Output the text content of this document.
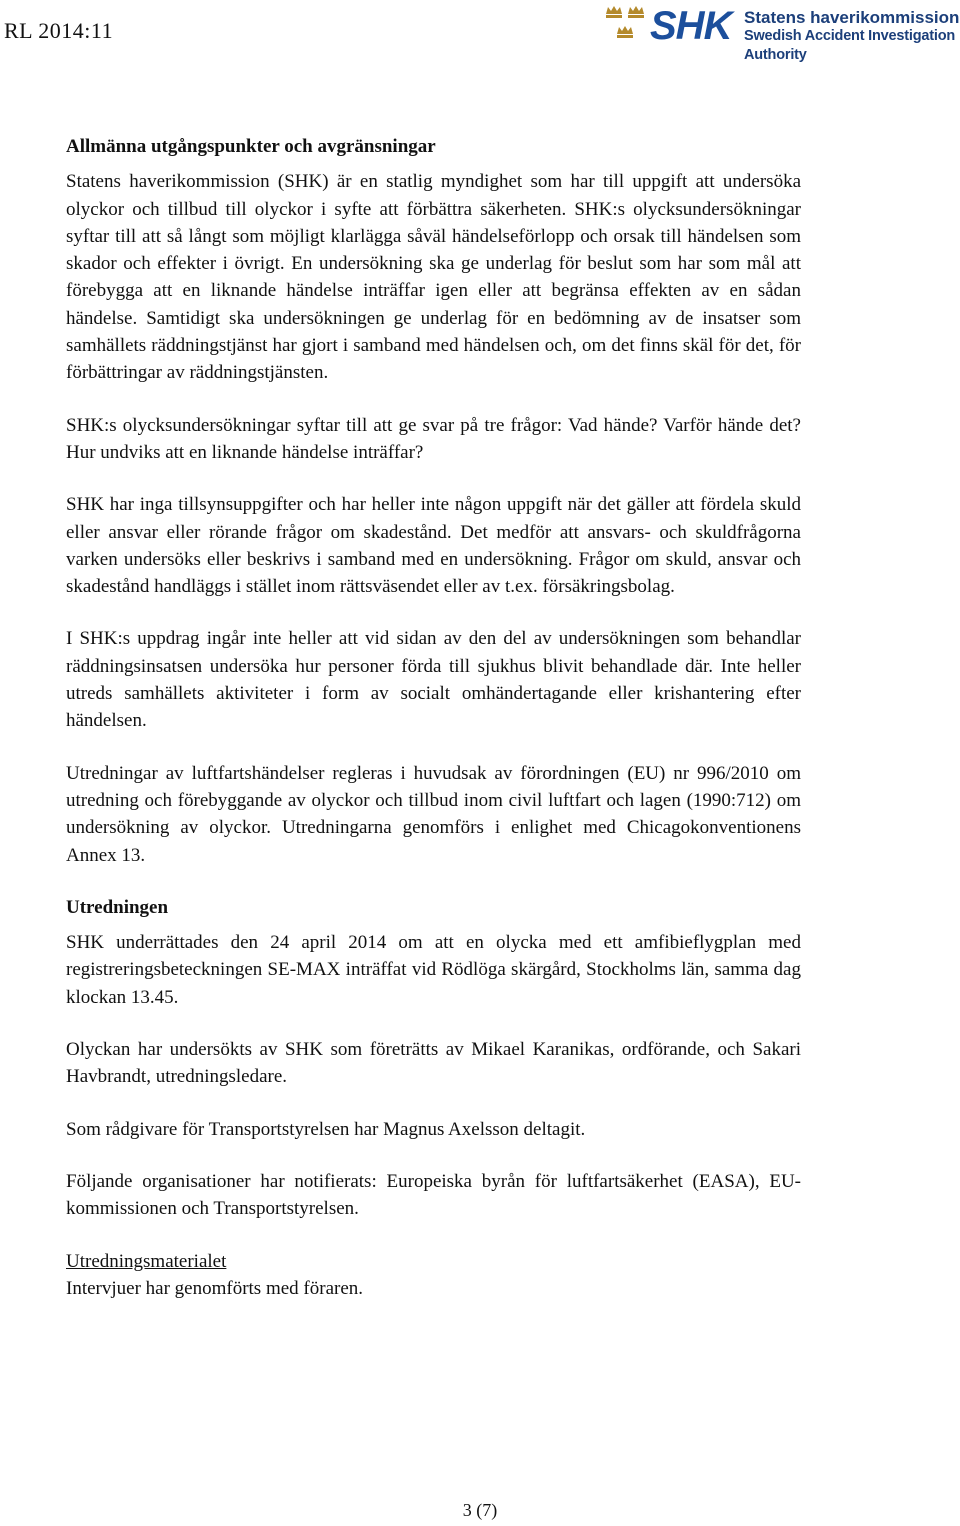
RL 2014:11	SHK Statens haverikommission
Swedish Accident Investigation Authority
Allmänna utgångspunkter och avgränsningar

Statens haverikommission (SHK) är en statlig myndighet som har till uppgift att undersöka olyckor och tillbud till olyckor i syfte att förbättra säkerheten. SHK:s olycksundersökningar syftar till att så långt som möjligt klarlägga såväl händelseförlopp och orsak till händelsen som skador och effekter i övrigt. En undersökning ska ge underlag för beslut som har som mål att förebygga att en liknande händelse inträffar igen eller att begränsa effekten av en sådan händelse. Samtidigt ska undersökningen ge underlag för en bedömning av de insatser som samhällets räddningstjänst har gjort i samband med händelsen och, om det finns skäl för det, för förbättringar av räddningstjänsten.

SHK:s olycksundersökningar syftar till att ge svar på tre frågor: Vad hände? Varför hände det? Hur undviks att en liknande händelse inträffar?

SHK har inga tillsynsuppgifter och har heller inte någon uppgift när det gäller att fördela skuld eller ansvar eller rörande frågor om skadestånd. Det medför att ansvars- och skuldfrågorna varken undersöks eller beskrivs i samband med en undersökning. Frågor om skuld, ansvar och skadestånd handläggs i stället inom rättsväsendet eller av t.ex. försäkringsbolag.

I SHK:s uppdrag ingår inte heller att vid sidan av den del av undersökningen som behandlar räddningsinsatsen undersöka hur personer förda till sjukhus blivit behandlade där. Inte heller utreds samhällets aktiviteter i form av socialt omhändertagande eller krishantering efter händelsen.

Utredningar av luftfartshändelser regleras i huvudsak av förordningen (EU) nr 996/2010 om utredning och förebyggande av olyckor och tillbud inom civil luftfart och lagen (1990:712) om undersökning av olyckor. Utredningarna genomförs i enlighet med Chicagokonventionens Annex 13.

Utredningen

SHK underrättades den 24 april 2014 om att en olycka med ett amfibieflygplan med registreringsbeteckningen SE-MAX inträffat vid Rödlöga skärgård, Stockholms län, samma dag klockan 13.45.

Olyckan har undersökts av SHK som företrätts av Mikael Karanikas, ordförande, och Sakari Havbrandt, utredningsledare.

Som rådgivare för Transportstyrelsen har Magnus Axelsson deltagit.

Följande organisationer har notifierats: Europeiska byrån för luftfartsäkerhet (EASA), EU-kommissionen och Transportstyrelsen.

Utredningsmaterialet

Intervjuer har genomförts med föraren.

3 (7)
